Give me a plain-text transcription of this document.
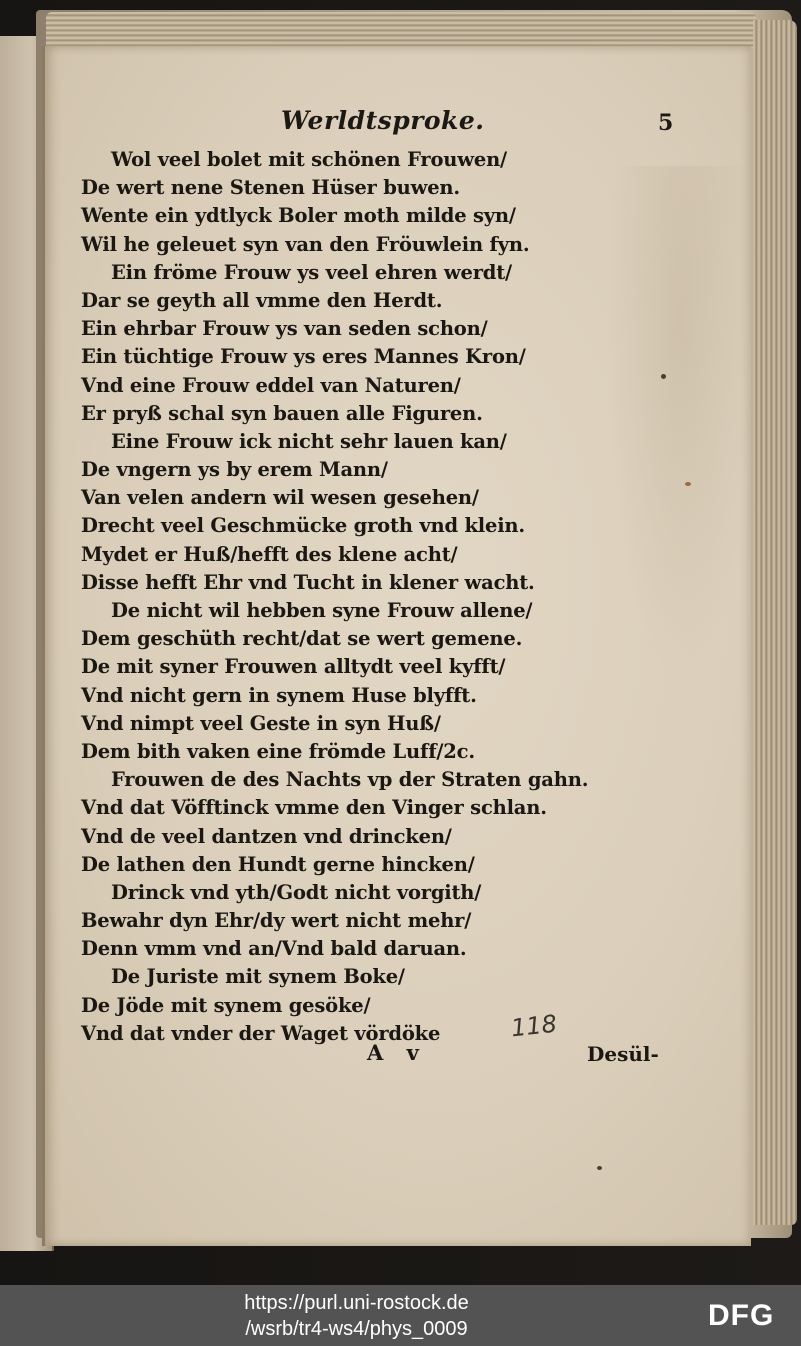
Werldtsproke.	5
Wol veel bolet mit schönen Frouwen/
De wert nene Stenen Hüser buwen.
Wente ein ydtlyck Boler moth milde syn/
Wil he geleuet syn van den Fröuwlein fyn.
Ein fröme Frouw ys veel ehren werdt/
Dar se geyth all vmme den Herdt.
Ein ehrbar Frouw ys van seden schon/
Ein tüchtige Frouw ys eres Mannes Kron/
Vnd eine Frouw eddel van Naturen/
Er pryß schal syn bauen alle Figuren.
Eine Frouw ick nicht sehr lauen kan/
De vngern ys by erem Mann/
Van velen andern wil wesen gesehen/
Drecht veel Geschmücke groth vnd klein.
Mydet er Huß/hefft des klene acht/
Disse hefft Ehr vnd Tucht in klener wacht.
De nicht wil hebben syne Frouw allene/
Dem geschüth recht/dat se wert gemene.
De mit syner Frouwen alltydt veel kyfft/
Vnd nicht gern in synem Huse blyfft.
Vnd nimpt veel Geste in syn Huß/
Dem bith vaken eine frömde Luff/2c.
Frouwen de des Nachts vp der Straten gahn.
Vnd dat Vöfftinck vmme den Vinger schlan.
Vnd de veel dantzen vnd drincken/
De lathen den Hundt gerne hincken/
Drinck vnd yth/Godt nicht vorgith/
Bewahr dyn Ehr/dy wert nicht mehr/
Denn vmm vnd an/Vnd bald daruan.
De Juriste mit synem Boke/
De Jöde mit synem gesöke/
Vnd dat vnder der Waget vördöke	118
A v	Desül-
https://purl.uni-rostock.de
/wsrb/tr4-ws4/phys_0009	DFG
